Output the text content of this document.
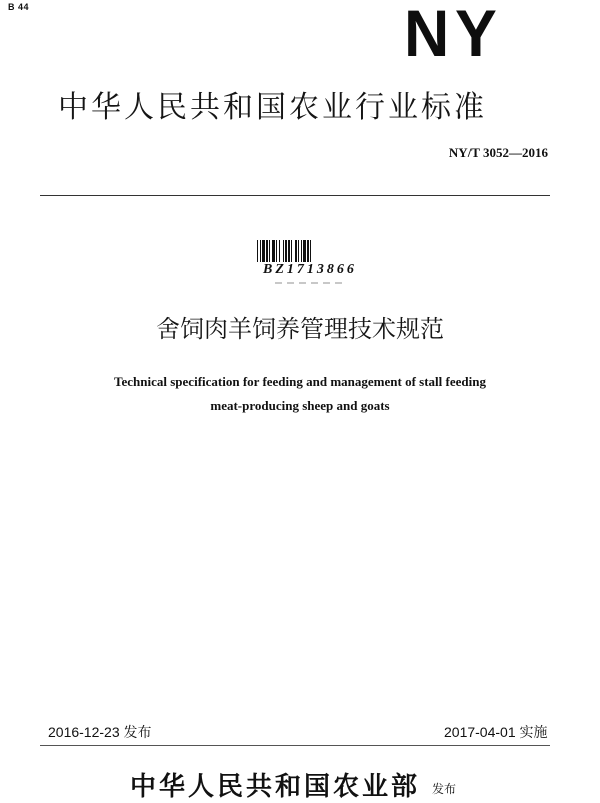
B 44	NY
中华人民共和国农业行业标准
NY/T 3052—2016
BZ1713866
舍饲肉羊饲养管理技术规范
Technical specification for feeding and management of stall feeding
meat-producing sheep and goats
2016-12-23 发布	2017-04-01 实施
中华人民共和国农业部 发布
